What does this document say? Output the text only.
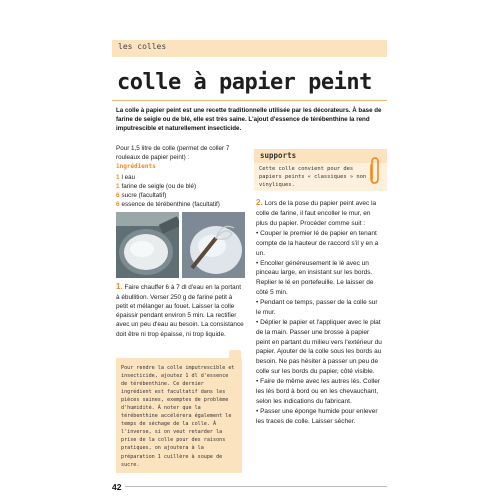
les colles
colle à papier peint

La colle à papier peint est une recette traditionnelle utilisée par les décorateurs. À base de farine de seigle ou de blé, elle est très saine. L'ajout d'essence de térébenthine la rend imputrescible et naturellement insecticide.

Pour 1,5 litre de colle (permet de coller 7 rouleaux de papier peint) :

ingrédients
1 l eau
1 farine de seigle (ou de blé)
6 sucre (facultatif)
6 essence de térébenthine (facultatif)

1. Faire chauffer 6 à 7 dl d'eau en la portant à ébullition. Verser 250 g de farine petit à petit et mélanger au fouet. Laisser la colle épaissir pendant environ 5 min. La rectifier avec un peu d'eau au besoin. La consistance doit être ni trop épaisse, ni trop liquide.

Pour rendre la colle imputrescible et insecticide, ajoutez 1 dl d'essence de térébenthine. Ce dernier ingrédient est facultatif dans les pièces saines, exemptes de problème d'humidité. À noter que la térébenthine accélérera également le temps de séchage de la colle. À l'inverse, si on veut retarder la prise de la colle pour des raisons pratiques, on ajoutera à la préparation 1 cuillère à soupe de sucre.

supports

Cette colle convient pour des papiers peints « classiques » non vinyliques.

2. Lors de la pose du papier peint avec la colle de farine, il faut encoller le mur, en plus du papier. Procéder comme suit :

• Couper le premier lé de papier en tenant compte de la hauteur de raccord s'il y en a un.
• Encoller généreusement le lé avec un pinceau large, en insistant sur les bords. Replier le lé en portefeuille. Le laisser de côté 5 min.
• Pendant ce temps, passer de la colle sur le mur.
• Déplier le papier et l'appliquer avec le plat de la main. Passer une brosse à papier peint en partant du milieu vers l'extérieur du papier. Ajouter de la colle sous les bords au besoin. Ne pas hésiter à passer un peu de colle sur les bords du papier, côté visible.
• Faire de même avec les autres lés. Coller les lés bord à bord ou en les chevauchant, selon les indications du fabricant.
• Passer une éponge humide pour enlever les traces de colle. Laisser sécher.

42
